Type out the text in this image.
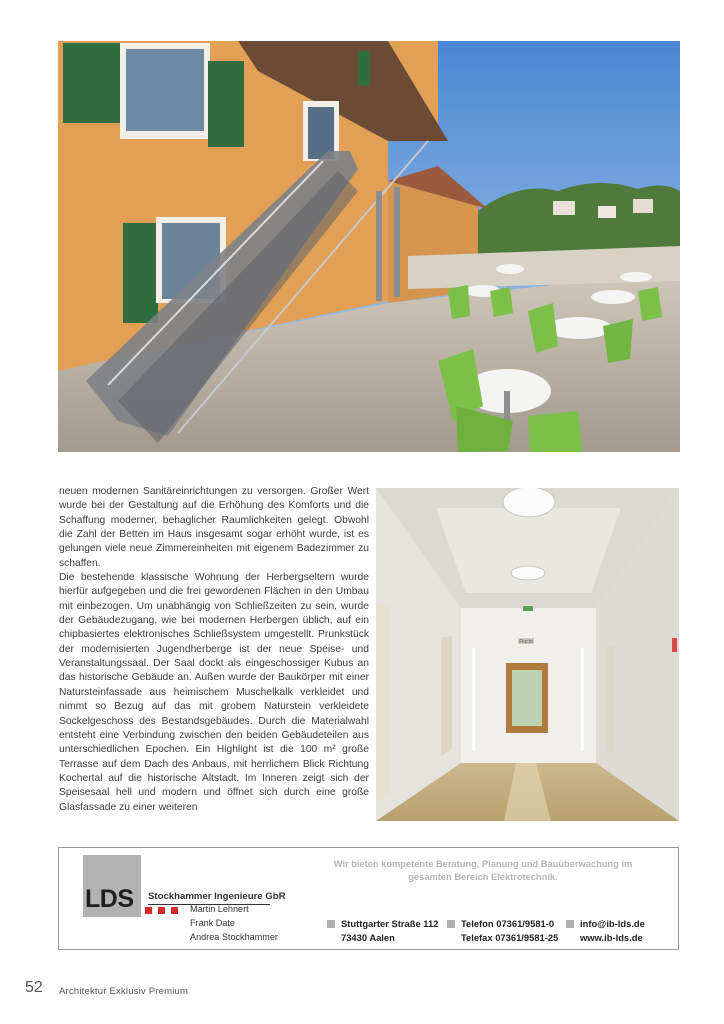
neuen modernen Sanitäreinrichtungen zu versorgen. Großer Wert wurde bei der Gestaltung auf die Erhöhung des Komforts und die Schaffung moderner, behaglicher Raumlichkeiten gelegt. Obwohl die Zahl der Betten im Haus insgesamt sogar erhöht wurde, ist es gelungen viele neue Zimmereinheiten mit eigenem Badezimmer zu schaffen.

Die bestehende klassische Wohnung der Herbergseltern wurde hierfür aufgegeben und die frei gewordenen Flächen in den Umbau mit einbezogen. Um unabhängig von Schließzeiten zu sein, wurde der Gebäudezugang, wie bei modernen Herbergen üblich, auf ein chipbasiertes elektronisches Schließsystem umgestellt. Prunkstück der modernisierten Jugendherberge ist der neue Speise- und Veranstaltungssaal. Der Saal dockt als eingeschossiger Kubus an das historische Gebäude an. Außen wurde der Baukörper mit einer Natursteinfassade aus heimischem Muschelkalk verkleidet und nimmt so Bezug auf das mit grobem Naturstein verkleidete Sockelgeschoss des Bestandsgebäudes. Durch die Materialwahl entsteht eine Verbindung zwischen den beiden Gebäudeteilen aus unterschiedlichen Epochen. Ein Highlight ist die 100 m² große Terrasse auf dem Dach des Anbaus, mit herrlichem Blick Richtung Kochertal auf die historische Altstadt. Im Inneren zeigt sich der Speisesaal hell und modern und öffnet sich durch eine große Glasfassade zu einer weiteren

Flucht
LDS Stockhammer Ingenieure GbR
Martin Lehnert
Frank Date
Andrea Stockhammer
Wir bieten kompetente Beratung, Planung und Bauüberwachung im gesamten Bereich Elektrotechnik.
Stuttgarter Straße 112
73430 Aalen
Telefon 07361/9581-0
Telefax 07361/9581-25
info@ib-lds.de
www.ib-lds.de
52 Architektur Exklusiv Premium
